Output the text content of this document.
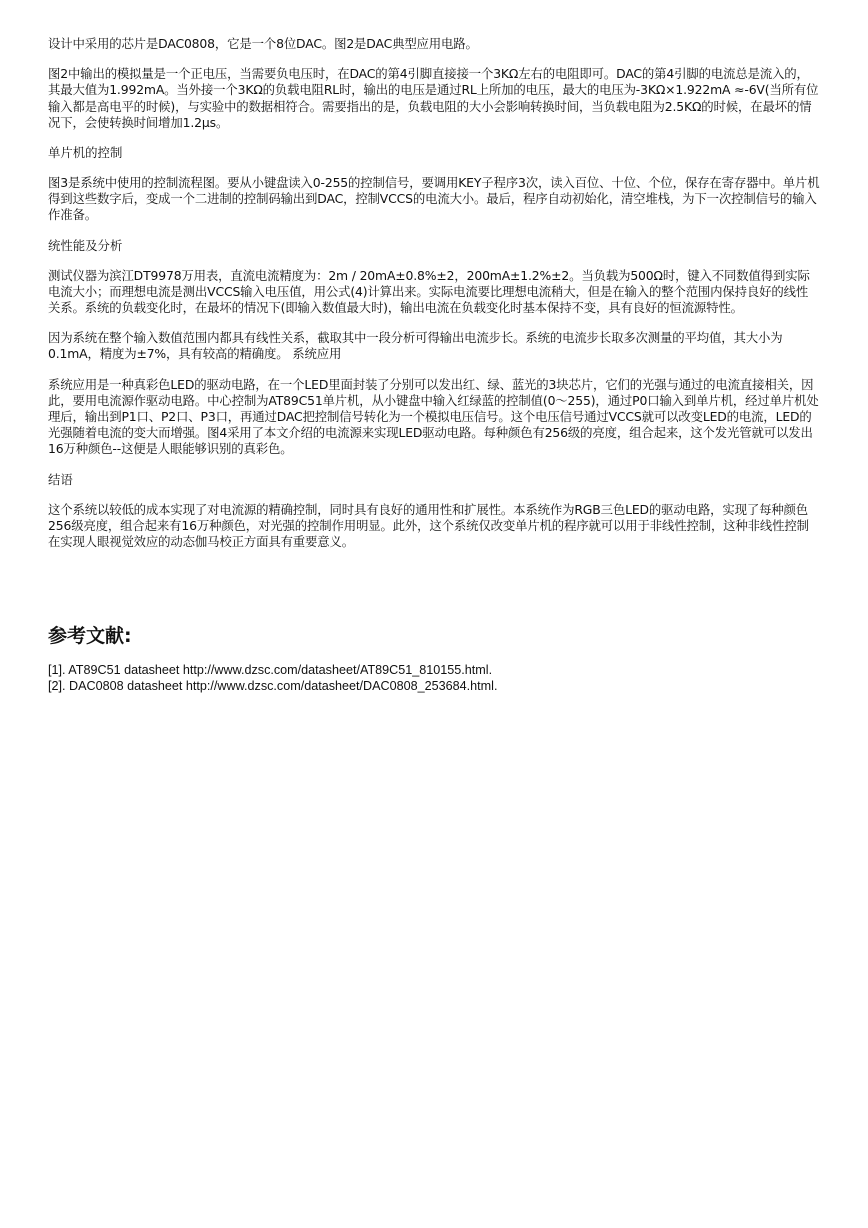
设计中采用的芯片是DAC0808，它是一个8位DAC。图2是DAC典型应用电路。

图2中输出的模拟量是一个正电压，当需要负电压时，在DAC的第4引脚直接接一个3KΩ左右的电阻即可。DAC的第4引脚的电流总是流入的，其最大值为1.992mA。当外接一个3KΩ的负载电阻RL时，输出的电压是通过RL上所加的电压，最大的电压为-3KΩ×1.922mA ≈-6V(当所有位输入都是高电平的时候)，与实验中的数据相符合。需要指出的是，负载电阻的大小会影响转换时间，当负载电阻为2.5KΩ的时候，在最坏的情况下，会使转换时间增加1.2μs。

单片机的控制

图3是系统中使用的控制流程图。要从小键盘读入0-255的控制信号，要调用KEY子程序3次，读入百位、十位、个位，保存在寄存器中。单片机得到这些数字后，变成一个二进制的控制码输出到DAC，控制VCCS的电流大小。最后，程序自动初始化，清空堆栈，为下一次控制信号的输入作准备。

统性能及分析

测试仪器为滨江DT9978万用表，直流电流精度为：2m / 20mA±0.8%±2，200mA±1.2%±2。当负载为500Ω时，键入不同数值得到实际电流大小；而理想电流是测出VCCS输入电压值，用公式(4)计算出来。实际电流要比理想电流稍大，但是在输入的整个范围内保持良好的线性关系。系统的负载变化时，在最坏的情况下(即输入数值最大时)，输出电流在负载变化时基本保持不变，具有良好的恒流源特性。

因为系统在整个输入数值范围内都具有线性关系，截取其中一段分析可得输出电流步长。系统的电流步长取多次测量的平均值，其大小为0.1mA，精度为±7%，具有较高的精确度。 系统应用

系统应用是一种真彩色LED的驱动电路，在一个LED里面封装了分别可以发出红、绿、蓝光的3块芯片，它们的光强与通过的电流直接相关，因此，要用电流源作驱动电路。中心控制为AT89C51单片机，从小键盘中输入红绿蓝的控制值(0～255)，通过P0口输入到单片机，经过单片机处理后，输出到P1口、P2口、P3口，再通过DAC把控制信号转化为一个模拟电压信号。这个电压信号通过VCCS就可以改变LED的电流，LED的光强随着电流的变大而增强。图4采用了本文介绍的电流源来实现LED驱动电路。每种颜色有256级的亮度，组合起来，这个发光管就可以发出16万种颜色--这便是人眼能够识别的真彩色。

结语

这个系统以较低的成本实现了对电流源的精确控制，同时具有良好的通用性和扩展性。本系统作为RGB三色LED的驱动电路，实现了每种颜色256级亮度，组合起来有16万种颜色，对光强的控制作用明显。此外，这个系统仅改变单片机的程序就可以用于非线性控制，这种非线性控制在实现人眼视觉效应的动态伽马校正方面具有重要意义。

参考文献:
[1]. AT89C51 datasheet http://www.dzsc.com/datasheet/AT89C51_810155.html.
[2]. DAC0808 datasheet http://www.dzsc.com/datasheet/DAC0808_253684.html.
